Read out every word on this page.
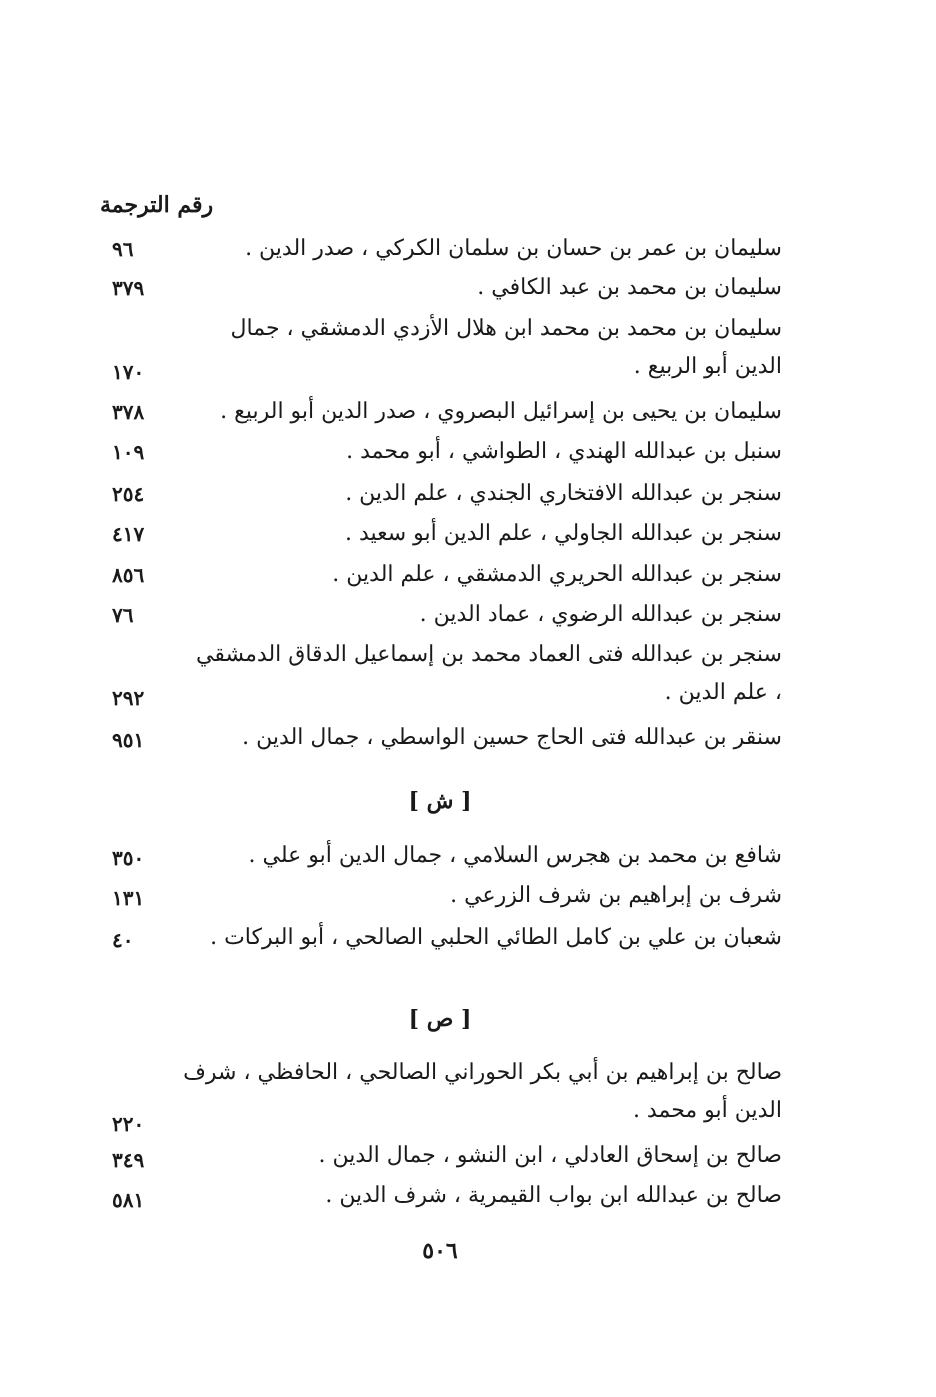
رقم الترجمة
سليمان بن عمر بن حسان بن سلمان الكركي ، صدر الدين .
٩٦
سليمان بن محمد بن عبد الكافي .
٣٧٩
سليمان بن محمد بن محمد ابن هلال الأزدي الدمشقي ، جمال الدين أبو الربيع .
١٧٠
سليمان بن يحيى بن إسرائيل البصروي ، صدر الدين أبو الربيع .
٣٧٨
سنبل بن عبدالله الهندي ، الطواشي ، أبو محمد .
١٠٩
سنجر بن عبدالله الافتخاري الجندي ، علم الدين .
٢٥٤
سنجر بن عبدالله الجاولي ، علم الدين أبو سعيد .
٤١٧
سنجر بن عبدالله الحريري الدمشقي ، علم الدين .
٨٥٦
سنجر بن عبدالله الرضوي ، عماد الدين .
٧٦
سنجر بن عبدالله فتى العماد محمد بن إسماعيل الدقاق الدمشقي ، علم الدين .
٢٩٢
سنقر بن عبدالله فتى الحاج حسين الواسطي ، جمال الدين .
٩٥١
[ ش ]
شافع بن محمد بن هجرس السلامي ، جمال الدين أبو علي .
٣٥٠
شرف بن إبراهيم بن شرف الزرعي .
١٣١
شعبان بن علي بن كامل الطائي الحلبي الصالحي ، أبو البركات .
٤٠
[ ص ]
صالح بن إبراهيم بن أبي بكر الحوراني الصالحي ، الحافظي ، شرف الدين أبو محمد .
٢٢٠
صالح بن إسحاق العادلي ، ابن النشو ، جمال الدين .
٣٤٩
صالح بن عبدالله ابن بواب القيمرية ، شرف الدين .
٥٨١
٥٠٦
